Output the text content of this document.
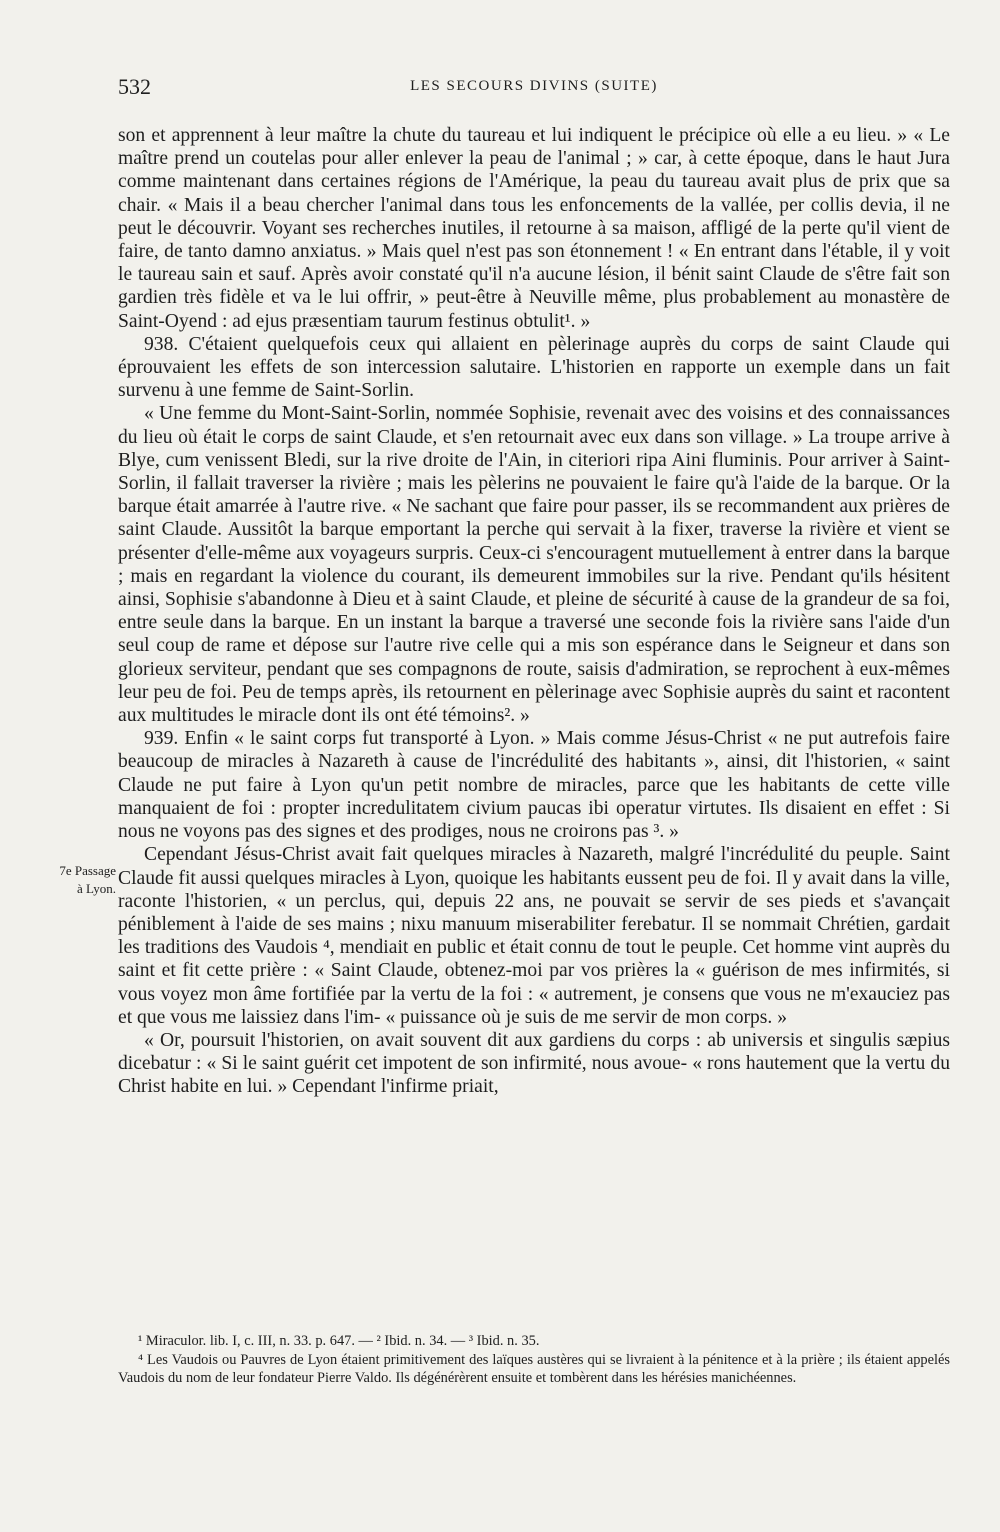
532	LES SECOURS DIVINS (SUITE)

son et apprennent à leur maître la chute du taureau et lui indiquent le précipice où elle a eu lieu. » « Le maître prend un coutelas pour aller enlever la peau de l'animal ; » car, à cette époque, dans le haut Jura comme maintenant dans certaines régions de l'Amérique, la peau du taureau avait plus de prix que sa chair. « Mais il a beau chercher l'animal dans tous les enfoncements de la vallée, per collis devia, il ne peut le découvrir. Voyant ses recherches inutiles, il retourne à sa maison, affligé de la perte qu'il vient de faire, de tanto damno anxiatus. » Mais quel n'est pas son étonnement ! « En entrant dans l'étable, il y voit le taureau sain et sauf. Après avoir constaté qu'il n'a aucune lésion, il bénit saint Claude de s'être fait son gardien très fidèle et va le lui offrir, » peut-être à Neuville même, plus probablement au monastère de Saint-Oyend : ad ejus præsentiam taurum festinus obtulit¹. »

938. C'étaient quelquefois ceux qui allaient en pèlerinage auprès du corps de saint Claude qui éprouvaient les effets de son intercession salutaire. L'historien en rapporte un exemple dans un fait survenu à une femme de Saint-Sorlin.

« Une femme du Mont-Saint-Sorlin, nommée Sophisie, revenait avec des voisins et des connaissances du lieu où était le corps de saint Claude, et s'en retournait avec eux dans son village. » La troupe arrive à Blye, cum venissent Bledi, sur la rive droite de l'Ain, in citeriori ripa Aini fluminis. Pour arriver à Saint-Sorlin, il fallait traverser la rivière ; mais les pèlerins ne pouvaient le faire qu'à l'aide de la barque. Or la barque était amarrée à l'autre rive. « Ne sachant que faire pour passer, ils se recommandent aux prières de saint Claude. Aussitôt la barque emportant la perche qui servait à la fixer, traverse la rivière et vient se présenter d'elle-même aux voyageurs surpris. Ceux-ci s'encouragent mutuellement à entrer dans la barque ; mais en regardant la violence du courant, ils demeurent immobiles sur la rive. Pendant qu'ils hésitent ainsi, Sophisie s'abandonne à Dieu et à saint Claude, et pleine de sécurité à cause de la grandeur de sa foi, entre seule dans la barque. En un instant la barque a traversé une seconde fois la rivière sans l'aide d'un seul coup de rame et dépose sur l'autre rive celle qui a mis son espérance dans le Seigneur et dans son glorieux serviteur, pendant que ses compagnons de route, saisis d'admiration, se reprochent à eux-mêmes leur peu de foi. Peu de temps après, ils retournent en pèlerinage avec Sophisie auprès du saint et racontent aux multitudes le miracle dont ils ont été témoins². »

939. Enfin « le saint corps fut transporté à Lyon. » Mais comme Jésus-Christ « ne put autrefois faire beaucoup de miracles à Nazareth à cause de l'incrédulité des habitants », ainsi, dit l'historien, « saint Claude ne put faire à Lyon qu'un petit nombre de miracles, parce que les habitants de cette ville manquaient de foi : propter incredulitatem civium paucas ibi operatur virtutes. Ils disaient en effet : Si nous ne voyons pas des signes et des prodiges, nous ne croirons pas ³. »

Cependant Jésus-Christ avait fait quelques miracles à Nazareth, malgré l'incrédulité du peuple. Saint Claude fit aussi quelques miracles à Lyon, quoique les habitants eussent peu de foi. Il y avait dans la ville, raconte l'historien, « un perclus, qui, depuis 22 ans, ne pouvait se servir de ses pieds et s'avançait péniblement à l'aide de ses mains ; nixu manuum miserabiliter ferebatur. Il se nommait Chrétien, gardait les traditions des Vaudois ⁴, mendiait en public et était connu de tout le peuple. Cet homme vint auprès du saint et fit cette prière : « Saint Claude, obtenez-moi par vos prières la « guérison de mes infirmités, si vous voyez mon âme fortifiée par la vertu de la foi : « autrement, je consens que vous ne m'exauciez pas et que vous me laissiez dans l'im- « puissance où je suis de me servir de mon corps. »

« Or, poursuit l'historien, on avait souvent dit aux gardiens du corps : ab universis et singulis sæpius dicebatur : « Si le saint guérit cet impotent de son infirmité, nous avoue- « rons hautement que la vertu du Christ habite en lui. » Cependant l'infirme priait,

7e Passage
à Lyon.

¹ Miraculor. lib. I, c. III, n. 33. p. 647. — ² Ibid. n. 34. — ³ Ibid. n. 35.

⁴ Les Vaudois ou Pauvres de Lyon étaient primitivement des laïques austères qui se livraient à la pénitence et à la prière ; ils étaient appelés Vaudois du nom de leur fondateur Pierre Valdo. Ils dégénérèrent ensuite et tombèrent dans les hérésies manichéennes.
